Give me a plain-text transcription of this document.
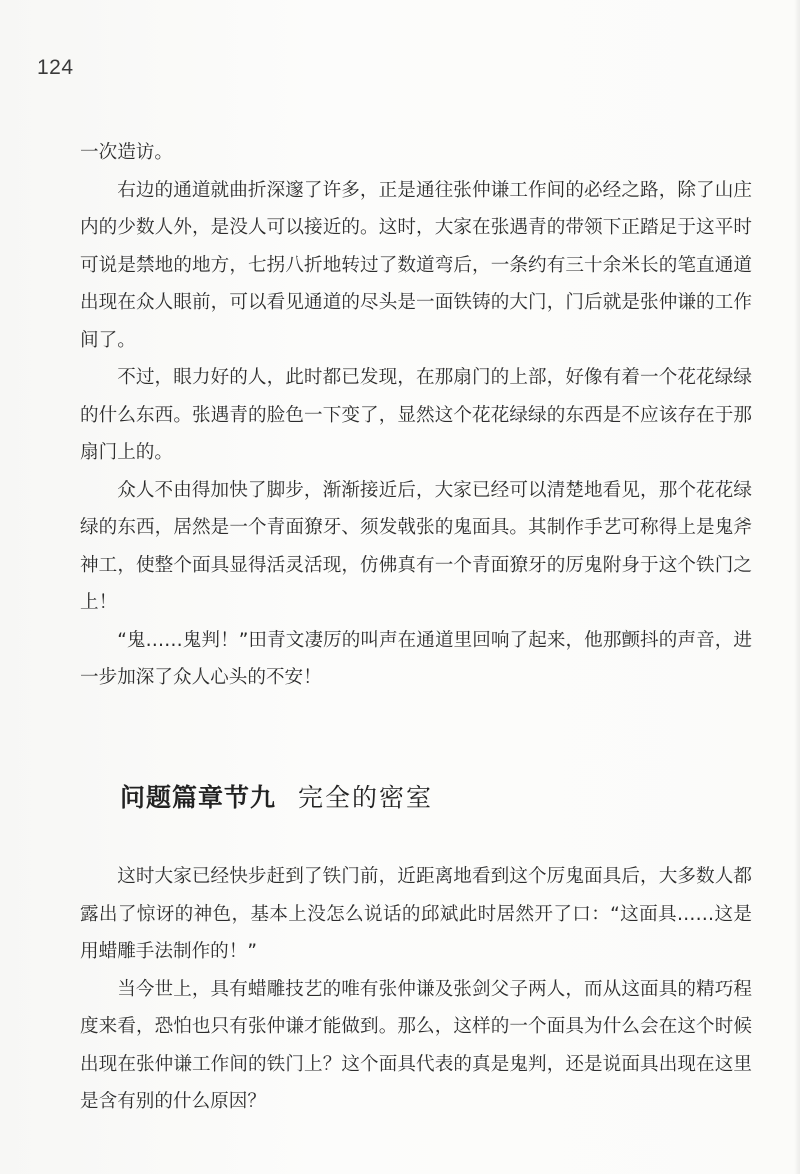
124

一次造访。

右边的通道就曲折深邃了许多，正是通往张仲谦工作间的必经之路，除了山庄内的少数人外，是没人可以接近的。这时，大家在张遇青的带领下正踏足于这平时可说是禁地的地方，七拐八折地转过了数道弯后，一条约有三十余米长的笔直通道出现在众人眼前，可以看见通道的尽头是一面铁铸的大门，门后就是张仲谦的工作间了。

不过，眼力好的人，此时都已发现，在那扇门的上部，好像有着一个花花绿绿的什么东西。张遇青的脸色一下变了，显然这个花花绿绿的东西是不应该存在于那扇门上的。

众人不由得加快了脚步，渐渐接近后，大家已经可以清楚地看见，那个花花绿绿的东西，居然是一个青面獠牙、须发戟张的鬼面具。其制作手艺可称得上是鬼斧神工，使整个面具显得活灵活现，仿佛真有一个青面獠牙的厉鬼附身于这个铁门之上！

“鬼……鬼判！”田青文凄厉的叫声在通道里回响了起来，他那颤抖的声音，进一步加深了众人心头的不安！

问题篇章节九 完全的密室

这时大家已经快步赶到了铁门前，近距离地看到这个厉鬼面具后，大多数人都露出了惊讶的神色，基本上没怎么说话的邱斌此时居然开了口：“这面具……这是用蜡雕手法制作的！”

当今世上，具有蜡雕技艺的唯有张仲谦及张剑父子两人，而从这面具的精巧程度来看，恐怕也只有张仲谦才能做到。那么，这样的一个面具为什么会在这个时候出现在张仲谦工作间的铁门上？这个面具代表的真是鬼判，还是说面具出现在这里是含有别的什么原因？
